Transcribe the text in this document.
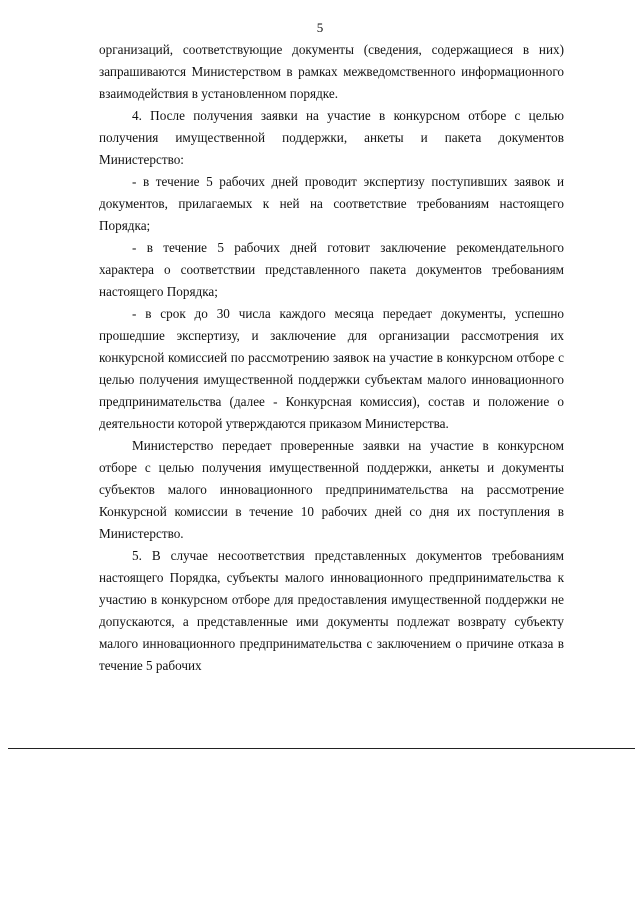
5

организаций, соответствующие документы (сведения, содержащиеся в них) запрашиваются Министерством в рамках межведомственного информационного взаимодействия в установленном порядке.

4. После получения заявки на участие в конкурсном отборе с целью получения имущественной поддержки, анкеты и пакета документов Министерство:

- в течение 5 рабочих дней проводит экспертизу поступивших заявок и документов, прилагаемых к ней на соответствие требованиям настоящего Порядка;

- в течение 5 рабочих дней готовит заключение рекомендательного характера о соответствии представленного пакета документов требованиям настоящего Порядка;

- в срок до 30 числа каждого месяца передает документы, успешно прошедшие экспертизу, и заключение для организации рассмотрения их конкурсной комиссией по рассмотрению заявок на участие в конкурсном отборе с целью получения имущественной поддержки субъектам малого инновационного предпринимательства (далее - Конкурсная комиссия), состав и положение о деятельности которой утверждаются приказом Министерства.

Министерство передает проверенные заявки на участие в конкурсном отборе с целью получения имущественной поддержки, анкеты и документы субъектов малого инновационного предпринимательства на рассмотрение Конкурсной комиссии в течение 10 рабочих дней со дня их поступления в Министерство.

5. В случае несоответствия представленных документов требованиям настоящего Порядка, субъекты малого инновационного предпринимательства к участию в конкурсном отборе для предоставления имущественной поддержки не допускаются, а представленные ими документы подлежат возврату субъекту малого инновационного предпринимательства с заключением о причине отказа в течение 5 рабочих
